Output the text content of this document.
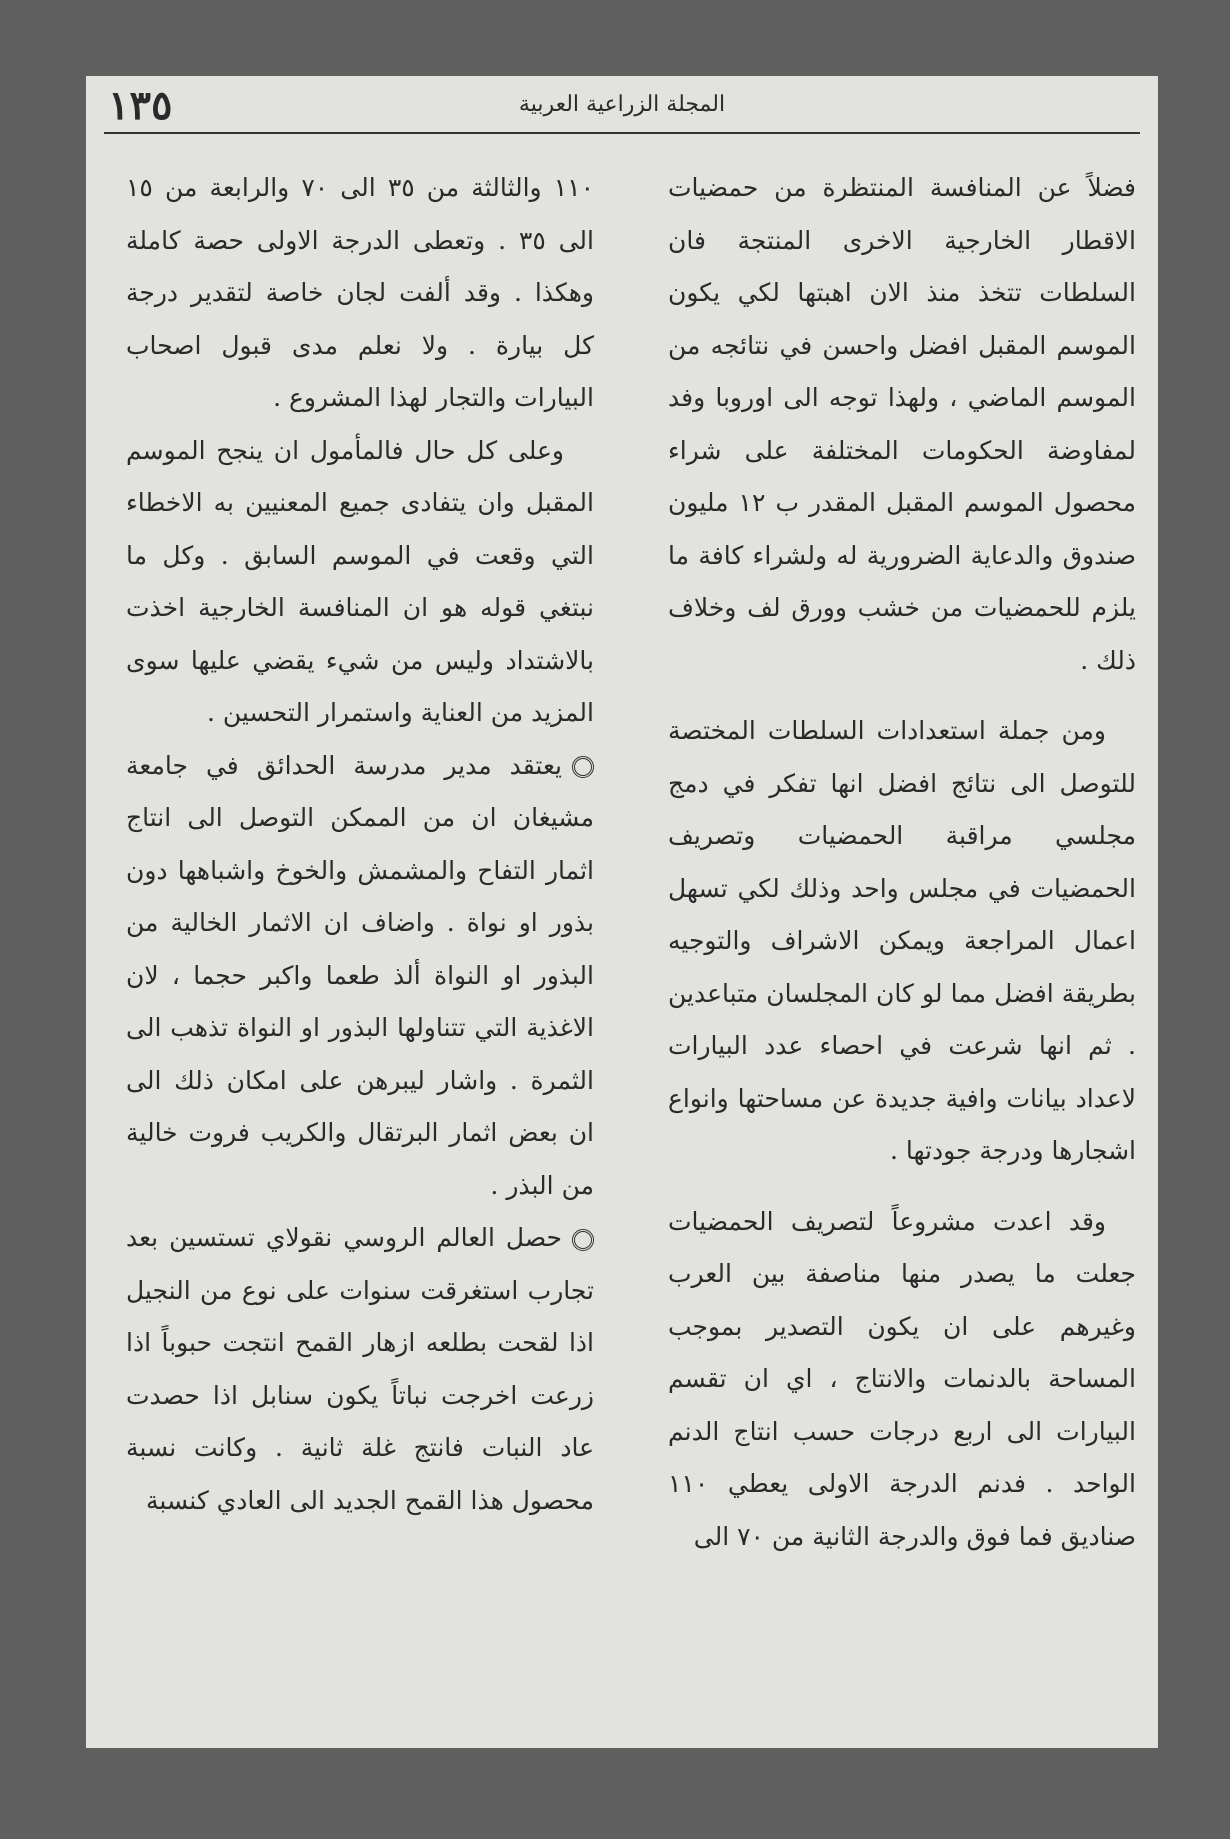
١٣٥	المجلة الزراعية العربية

فضلاً عن المنافسة المنتظرة من حمضيات الاقطار الخارجية الاخرى المنتجة فان السلطات تتخذ منذ الان اهبتها لكي يكون الموسم المقبل افضل واحسن في نتائجه من الموسم الماضي ، ولهذا توجه الى اوروبا وفد لمفاوضة الحكومات المختلفة على شراء محصول الموسم المقبل المقدر ب ١٢ مليون صندوق والدعاية الضرورية له ولشراء كافة ما يلزم للحمضيات من خشب وورق لف وخلاف ذلك .

ومن جملة استعدادات السلطات المختصة للتوصل الى نتائج افضل انها تفكر في دمج مجلسي مراقبة الحمضيات وتصريف الحمضيات في مجلس واحد وذلك لكي تسهل اعمال المراجعة ويمكن الاشراف والتوجيه بطريقة افضل مما لو كان المجلسان متباعدين . ثم انها شرعت في احصاء عدد البيارات لاعداد بيانات وافية جديدة عن مساحتها وانواع اشجارها ودرجة جودتها .

وقد اعدت مشروعاً لتصريف الحمضيات جعلت ما يصدر منها مناصفة بين العرب وغيرهم على ان يكون التصدير بموجب المساحة بالدنمات والانتاج ، اي ان تقسم البيارات الى اربع درجات حسب انتاج الدنم الواحد . فدنم الدرجة الاولى يعطي ١١٠ صناديق فما فوق والدرجة الثانية من ٧٠ الى

١١٠ والثالثة من ٣٥ الى ٧٠ والرابعة من ١٥ الى ٣٥ . وتعطى الدرجة الاولى حصة كاملة وهكذا . وقد ألفت لجان خاصة لتقدير درجة كل بيارة . ولا نعلم مدى قبول اصحاب البيارات والتجار لهذا المشروع .

وعلى كل حال فالمأمول ان ينجح الموسم المقبل وان يتفادى جميع المعنيين به الاخطاء التي وقعت في الموسم السابق . وكل ما نبتغي قوله هو ان المنافسة الخارجية اخذت بالاشتداد وليس من شيء يقضي عليها سوى المزيد من العناية واستمرار التحسين .

يعتقد مدير مدرسة الحدائق في جامعة مشيغان ان من الممكن التوصل الى انتاج اثمار التفاح والمشمش والخوخ واشباهها دون بذور او نواة . واضاف ان الاثمار الخالية من البذور او النواة ألذ طعما واكبر حجما ، لان الاغذية التي تتناولها البذور او النواة تذهب الى الثمرة . واشار ليبرهن على امكان ذلك الى ان بعض اثمار البرتقال والكريب فروت خالية من البذر .

حصل العالم الروسي نقولاي تستسين بعد تجارب استغرقت سنوات على نوع من النجيل اذا لقحت بطلعه ازهار القمح انتجت حبوباً اذا زرعت اخرجت نباتاً يكون سنابل اذا حصدت عاد النبات فانتج غلة ثانية . وكانت نسبة محصول هذا القمح الجديد الى العادي كنسبة
